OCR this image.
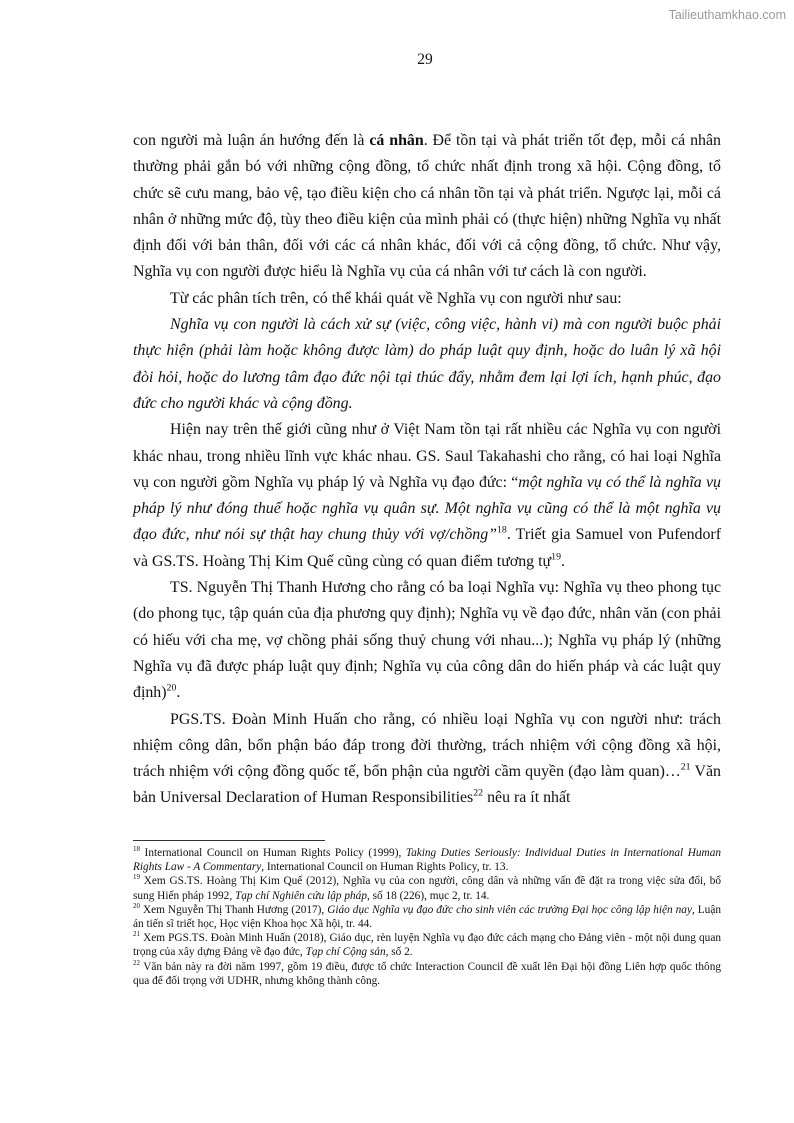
Tailieuthamkhao.com
29

con người mà luận án hướng đến là cá nhân. Để tồn tại và phát triển tốt đẹp, mỗi cá nhân thường phải gắn bó với những cộng đồng, tổ chức nhất định trong xã hội. Cộng đồng, tổ chức sẽ cưu mang, bảo vệ, tạo điều kiện cho cá nhân tồn tại và phát triển. Ngược lại, mỗi cá nhân ở những mức độ, tùy theo điều kiện của mình phải có (thực hiện) những Nghĩa vụ nhất định đối với bản thân, đối với các cá nhân khác, đối với cả cộng đồng, tổ chức. Như vậy, Nghĩa vụ con người được hiểu là Nghĩa vụ của cá nhân với tư cách là con người.

Từ các phân tích trên, có thể khái quát về Nghĩa vụ con người như sau:

Nghĩa vụ con người là cách xử sự (việc, công việc, hành vi) mà con người buộc phải thực hiện (phải làm hoặc không được làm) do pháp luật quy định, hoặc do luân lý xã hội đòi hỏi, hoặc do lương tâm đạo đức nội tại thúc đẩy, nhằm đem lại lợi ích, hạnh phúc, đạo đức cho người khác và cộng đồng.

Hiện nay trên thế giới cũng như ở Việt Nam tồn tại rất nhiều các Nghĩa vụ con người khác nhau, trong nhiều lĩnh vực khác nhau. GS. Saul Takahashi cho rằng, có hai loại Nghĩa vụ con người gồm Nghĩa vụ pháp lý và Nghĩa vụ đạo đức: “một nghĩa vụ có thể là nghĩa vụ pháp lý như đóng thuế hoặc nghĩa vụ quân sự. Một nghĩa vụ cũng có thể là một nghĩa vụ đạo đức, như nói sự thật hay chung thủy với vợ/chồng”$^{18}$. Triết gia Samuel von Pufendorf và GS.TS. Hoàng Thị Kim Quế cũng cùng có quan điểm tương tự$^{19}$.

TS. Nguyễn Thị Thanh Hương cho rằng có ba loại Nghĩa vụ: Nghĩa vụ theo phong tục (do phong tục, tập quán của địa phương quy định); Nghĩa vụ về đạo đức, nhân văn (con phải có hiếu với cha mẹ, vợ chồng phải sống thuỷ chung với nhau...); Nghĩa vụ pháp lý (những Nghĩa vụ đã được pháp luật quy định; Nghĩa vụ của công dân do hiến pháp và các luật quy định)$^{20}$.

PGS.TS. Đoàn Minh Huấn cho rằng, có nhiều loại Nghĩa vụ con người như: trách nhiệm công dân, bổn phận báo đáp trong đời thường, trách nhiệm với cộng đồng xã hội, trách nhiệm với cộng đồng quốc tế, bổn phận của người cầm quyền (đạo làm quan)…$^{21}$ Văn bản Universal Declaration of Human Responsibilities$^{22}$ nêu ra ít nhất

$^{18}$ International Council on Human Rights Policy (1999), Taking Duties Seriously: Individual Duties in International Human Rights Law - A Commentary, International Council on Human Rights Policy, tr. 13.

$^{19}$ Xem GS.TS. Hoàng Thị Kim Quế (2012), Nghĩa vụ của con người, công dân và những vấn đề đặt ra trong việc sửa đổi, bổ sung Hiến pháp 1992, Tạp chí Nghiên cứu lập pháp, số 18 (226), mục 2, tr. 14.

$^{20}$ Xem Nguyễn Thị Thanh Hương (2017), Giáo dục Nghĩa vụ đạo đức cho sinh viên các trường Đại học công lập hiện nay, Luận án tiến sĩ triết học, Học viện Khoa học Xã hội, tr. 44.

$^{21}$ Xem PGS.TS. Đoàn Minh Huấn (2018), Giáo dục, rèn luyện Nghĩa vụ đạo đức cách mạng cho Đảng viên - một nội dung quan trọng của xây dựng Đảng về đạo đức, Tạp chí Cộng sản, số 2.

$^{22}$ Văn bản này ra đời năm 1997, gồm 19 điều, được tổ chức Interaction Council đề xuất lên Đại hội đồng Liên hợp quốc thông qua để đối trọng với UDHR, nhưng không thành công.
